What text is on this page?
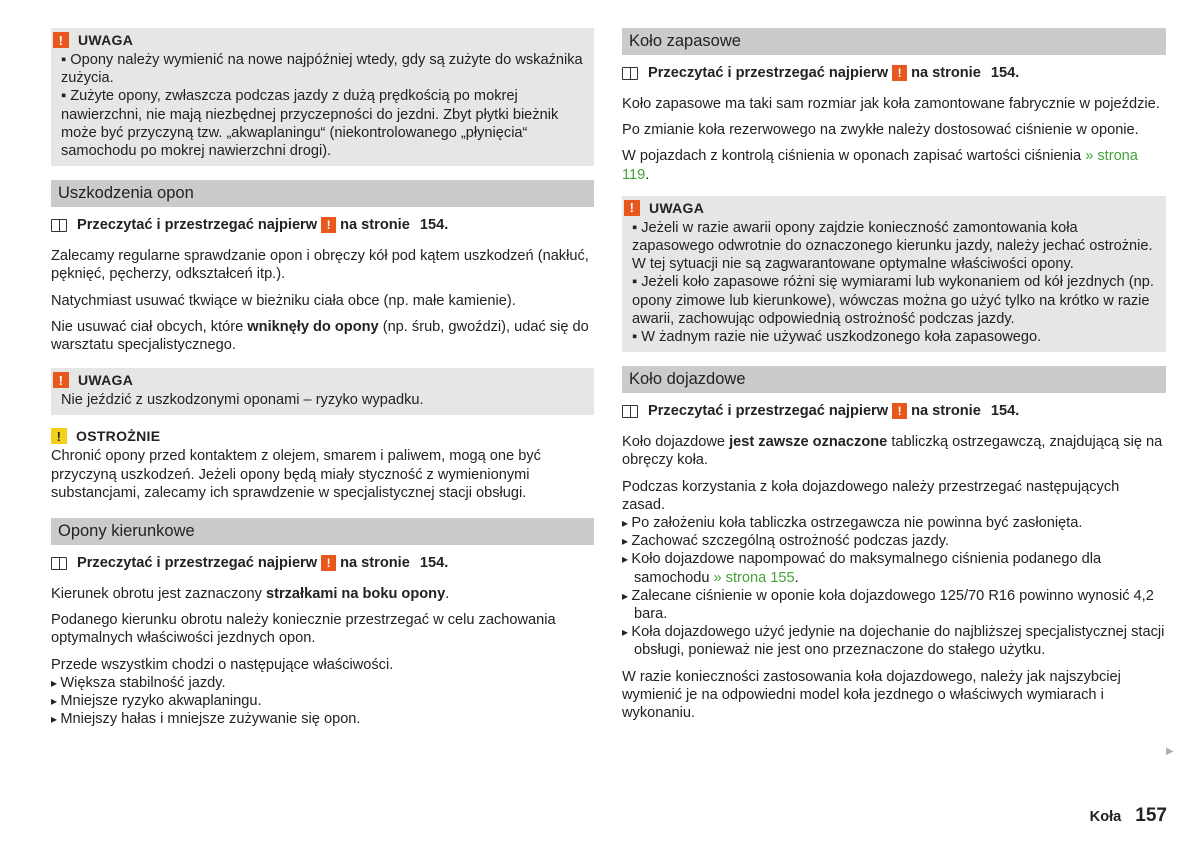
!	UWAGA

▪ Opony należy wymienić na nowe najpóźniej wtedy, gdy są zużyte do wskaźnika zużycia.

▪ Zużyte opony, zwłaszcza podczas jazdy z dużą prędkością po mokrej nawierzchni, nie mają niezbędnej przyczepności do jezdni. Zbyt płytki bieżnik może być przyczyną tzw. „akwaplaningu“ (niekontrolowanego „płynięcia“ samochodu po mokrej nawierzchni drogi).

Uszkodzenia opon
Przeczytać i przestrzegać najpierw ! na stronie 154.

Zalecamy regularne sprawdzanie opon i obręczy kół pod kątem uszkodzeń (nakłuć, pęknięć, pęcherzy, odkształceń itp.).

Natychmiast usuwać tkwiące w bieżniku ciała obce (np. małe kamienie).

Nie usuwać ciał obcych, które wniknęły do opony (np. śrub, gwoździ), udać się do warsztatu specjalistycznego.

!	UWAGA

Nie jeździć z uszkodzonymi oponami – ryzyko wypadku.

!	OSTROŻNIE

Chronić opony przed kontaktem z olejem, smarem i paliwem, mogą one być przyczyną uszkodzeń. Jeżeli opony będą miały styczność z wymienionymi substancjami, zalecamy ich sprawdzenie w specjalistycznej stacji obsługi.

Opony kierunkowe
Przeczytać i przestrzegać najpierw ! na stronie 154.

Kierunek obrotu jest zaznaczony strzałkami na boku opony.

Podanego kierunku obrotu należy koniecznie przestrzegać w celu zachowania optymalnych właściwości jezdnych opon.

Przede wszystkim chodzi o następujące właściwości.

▸ Większa stabilność jazdy.

▸ Mniejsze ryzyko akwaplaningu.

▸ Mniejszy hałas i mniejsze zużywanie się opon.

Koło zapasowe
Przeczytać i przestrzegać najpierw ! na stronie 154.

Koło zapasowe ma taki sam rozmiar jak koła zamontowane fabrycznie w pojeździe.

Po zmianie koła rezerwowego na zwykłe należy dostosować ciśnienie w oponie.

W pojazdach z kontrolą ciśnienia w oponach zapisać wartości ciśnienia » strona 119.

!	UWAGA

▪ Jeżeli w razie awarii opony zajdzie konieczność zamontowania koła zapasowego odwrotnie do oznaczonego kierunku jazdy, należy jechać ostrożnie. W tej sytuacji nie są zagwarantowane optymalne właściwości opony.

▪ Jeżeli koło zapasowe różni się wymiarami lub wykonaniem od kół jezdnych (np. opony zimowe lub kierunkowe), wówczas można go użyć tylko na krótko w razie awarii, zachowując odpowiednią ostrożność podczas jazdy.

▪ W żadnym razie nie używać uszkodzonego koła zapasowego.

Koło dojazdowe
Przeczytać i przestrzegać najpierw ! na stronie 154.

Koło dojazdowe jest zawsze oznaczone tabliczką ostrzegawczą, znajdującą się na obręczy koła.

Podczas korzystania z koła dojazdowego należy przestrzegać następujących zasad.

▸ Po założeniu koła tabliczka ostrzegawcza nie powinna być zasłonięta.

▸ Zachować szczególną ostrożność podczas jazdy.

▸ Koło dojazdowe napompować do maksymalnego ciśnienia podanego dla samochodu » strona 155.

▸ Zalecane ciśnienie w oponie koła dojazdowego 125/70 R16 powinno wynosić 4,2 bara.

▸ Koła dojazdowego użyć jedynie na dojechanie do najbliższej specjalistycznej stacji obsługi, ponieważ nie jest ono przeznaczone do stałego użytku.

W razie konieczności zastosowania koła dojazdowego, należy jak najszybciej wymienić je na odpowiedni model koła jezdnego o właściwych wymiarach i wykonaniu.

▶
Koła 157
